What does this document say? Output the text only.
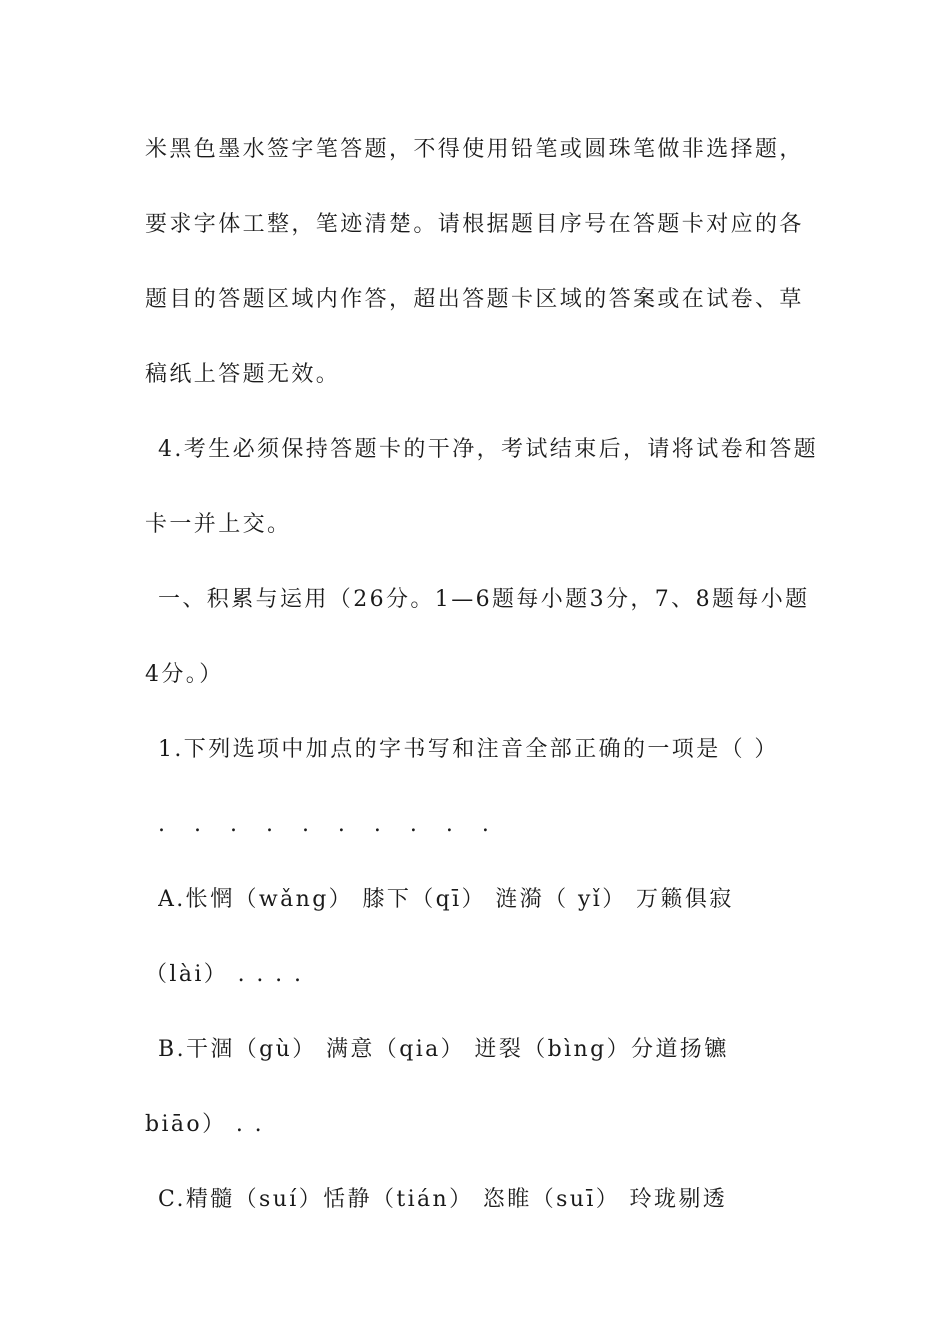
米黑色墨水签字笔答题，不得使用铅笔或圆珠笔做非选择题，
要求字体工整，笔迹清楚。请根据题目序号在答题卡对应的各
题目的答题区域内作答，超出答题卡区域的答案或在试卷、草
稿纸上答题无效。
4.考生必须保持答题卡的干净，考试结束后，请将试卷和答题
卡一并上交。
一、积累与运用（26分。1—6题每小题3分，7、8题每小题
4分。）
1.下列选项中加点的字书写和注音全部正确的一项是（ ）
. . . . . . . . . .
A.怅惘（wǎng） 膝下（qī） 涟漪（ yǐ） 万籁俱寂
（lài） . . . .
B.干涸（gù） 满意（qia） 迸裂（bìng）分道扬镳
biāo） . .
C.精髓（suí）恬静（tián） 恣睢（suī） 玲珑剔透
